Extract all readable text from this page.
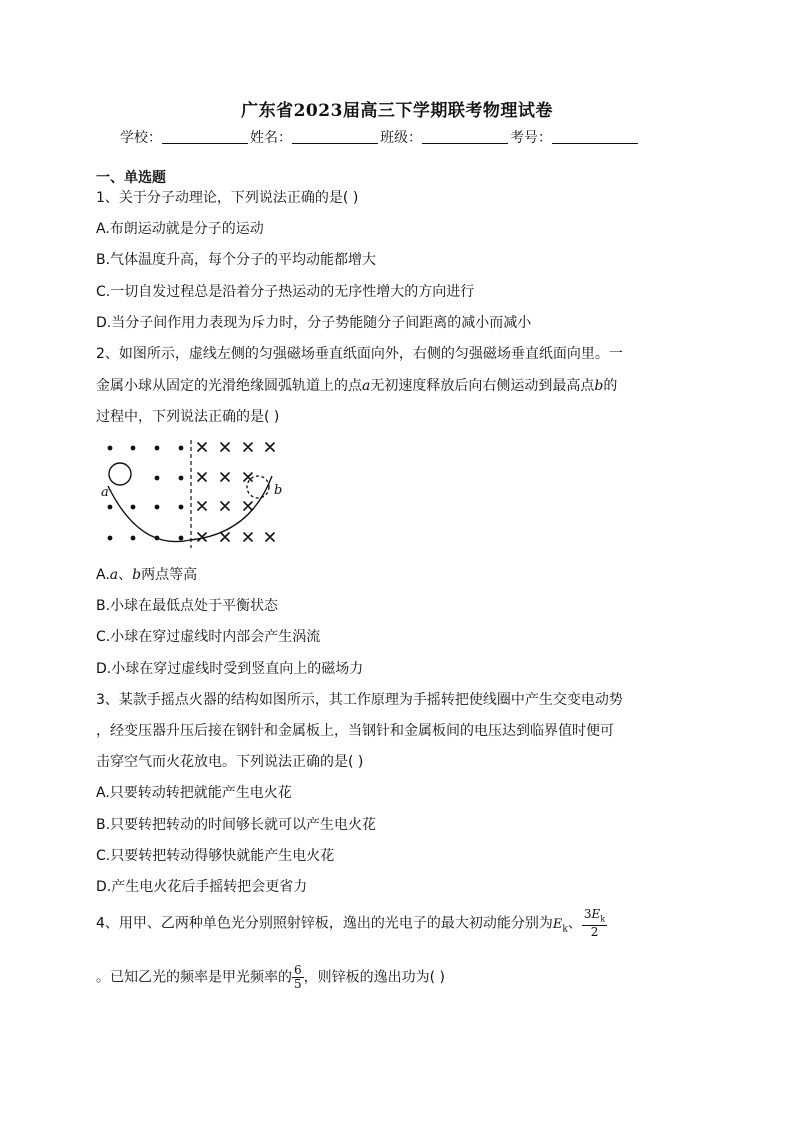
广东省2023届高三下学期联考物理试卷
学校：	姓名：	班级：	考号：
一、单选题
1、关于分子动理论，下列说法正确的是( )
A.布朗运动就是分子的运动
B.气体温度升高，每个分子的平均动能都增大
C.一切自发过程总是沿着分子热运动的无序性增大的方向进行
D.当分子间作用力表现为斥力时，分子势能随分子间距离的减小而减小
2、如图所示，虚线左侧的匀强磁场垂直纸面向外，右侧的匀强磁场垂直纸面向里。一
金属小球从固定的光滑绝缘圆弧轨道上的点a无初速度释放后向右侧运动到最高点b的
过程中，下列说法正确的是( )
a	b
A.a、b两点等高
B.小球在最低点处于平衡状态
C.小球在穿过虚线时内部会产生涡流
D.小球在穿过虚线时受到竖直向上的磁场力
3、某款手摇点火器的结构如图所示，其工作原理为手摇转把使线圈中产生交变电动势
，经变压器升压后接在钢针和金属板上，当钢针和金属板间的电压达到临界值时便可
击穿空气而火花放电。下列说法正确的是( )
A.只要转动转把就能产生电火花
B.只要转把转动的时间够长就可以产生电火花
C.只要转把转动得够快就能产生电火花
D.产生电火花后手摇转把会更省力
4、用甲、乙两种单色光分别照射锌板，逸出的光电子的最大初动能分别为$E_k$、 $\frac{3E_k}{2}$
。已知乙光的频率是甲光频率的 $\frac{6}{5}$ ，则锌板的逸出功为( )
